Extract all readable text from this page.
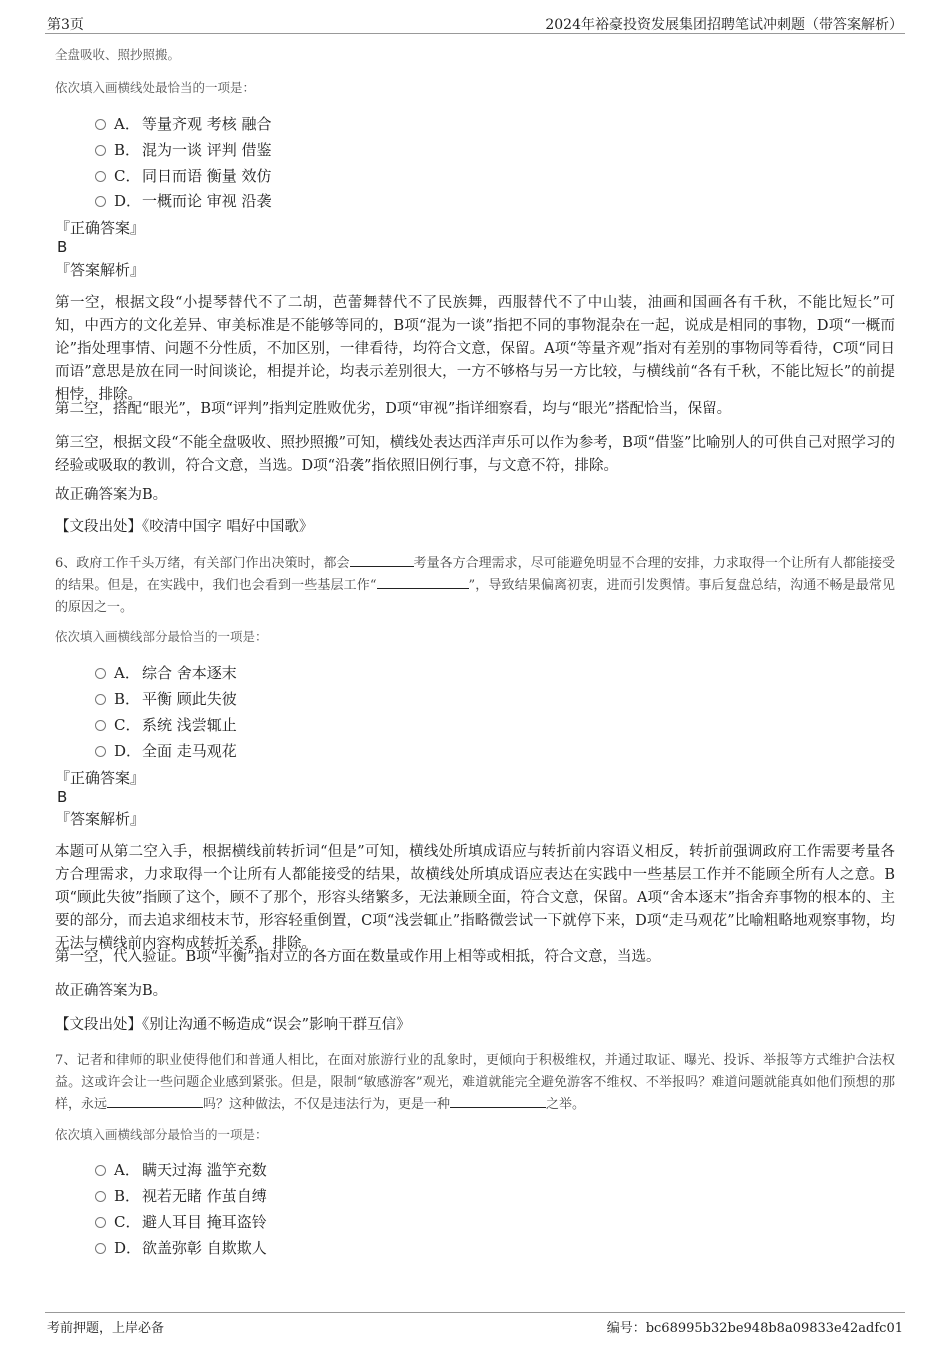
第3页	2024年裕豪投资发展集团招聘笔试冲刺题（带答案解析）
全盘吸收、照抄照搬。
依次填入画横线处最恰当的一项是：
A． 等量齐观 考核 融合
B． 混为一谈 评判 借鉴
C． 同日而语 衡量 效仿
D．一概而论 审视 沿袭
『正确答案』
B
『答案解析』
第一空，根据文段“小提琴替代不了二胡，芭蕾舞替代不了民族舞，西服替代不了中山装，油画和国画各有千秋，不能比短长”可知，中西方的文化差异、审美标准是不能够等同的，B项“混为一谈”指把不同的事物混杂在一起，说成是相同的事物，D项“一概而论”指处理事情、问题不分性质，不加区别，一律看待，均符合文意，保留。A项“等量齐观”指对有差别的事物同等看待，C项“同日而语”意思是放在同一时间谈论，相提并论，均表示差别很大，一方不够格与另一方比较，与横线前“各有千秋，不能比短长”的前提相悖，排除。
第二空，搭配“眼光”，B项“评判”指判定胜败优劣，D项“审视”指详细察看，均与“眼光”搭配恰当，保留。
第三空，根据文段“不能全盘吸收、照抄照搬”可知，横线处表达西洋声乐可以作为参考，B项“借鉴”比喻别人的可供自己对照学习的经验或吸取的教训，符合文意，当选。D项“沿袭”指依照旧例行事，与文意不符，排除。
故正确答案为B。
【文段出处】《咬清中国字 唱好中国歌》
6、政府工作千头万绪，有关部门作出决策时，都会	考量各方合理需求，尽可能避免明显不合理的安排，力求取得一个让所有人都能接受的结果。但是，在实践中，我们也会看到一些基层工作“	”，导致结果偏离初衷，进而引发舆情。事后复盘总结，沟通不畅是最常见的原因之一。
依次填入画横线部分最恰当的一项是：
A． 综合 舍本逐末
B． 平衡 顾此失彼
C． 系统 浅尝辄止
D．全面 走马观花
『正确答案』
B
『答案解析』
本题可从第二空入手，根据横线前转折词“但是”可知，横线处所填成语应与转折前内容语义相反，转折前强调政府工作需要考量各方合理需求，力求取得一个让所有人都能接受的结果，故横线处所填成语应表达在实践中一些基层工作并不能顾全所有人之意。B项“顾此失彼”指顾了这个，顾不了那个，形容头绪繁多，无法兼顾全面，符合文意，保留。A项“舍本逐末”指舍弃事物的根本的、主要的部分，而去追求细枝末节，形容轻重倒置，C项“浅尝辄止”指略微尝试一下就停下来，D项“走马观花”比喻粗略地观察事物，均无法与横线前内容构成转折关系，排除。
第一空，代入验证。B项“平衡”指对立的各方面在数量或作用上相等或相抵，符合文意，当选。
故正确答案为B。
【文段出处】《别让沟通不畅造成“误会”影响干群互信》
7、记者和律师的职业使得他们和普通人相比，在面对旅游行业的乱象时，更倾向于积极维权，并通过取证、曝光、投诉、举报等方式维护合法权益。这或许会让一些问题企业感到紧张。但是，限制“敏感游客”观光，难道就能完全避免游客不维权、不举报吗？难道问题就能真如他们预想的那样，永远	吗？这种做法，不仅是违法行为，更是一种	之举。
依次填入画横线部分最恰当的一项是：
A． 瞒天过海 滥竽充数
B． 视若无睹 作茧自缚
C． 避人耳目 掩耳盗铃
D．欲盖弥彰 自欺欺人
考前押题，上岸必备	编号：bc68995b32be948b8a09833e42adfc01
